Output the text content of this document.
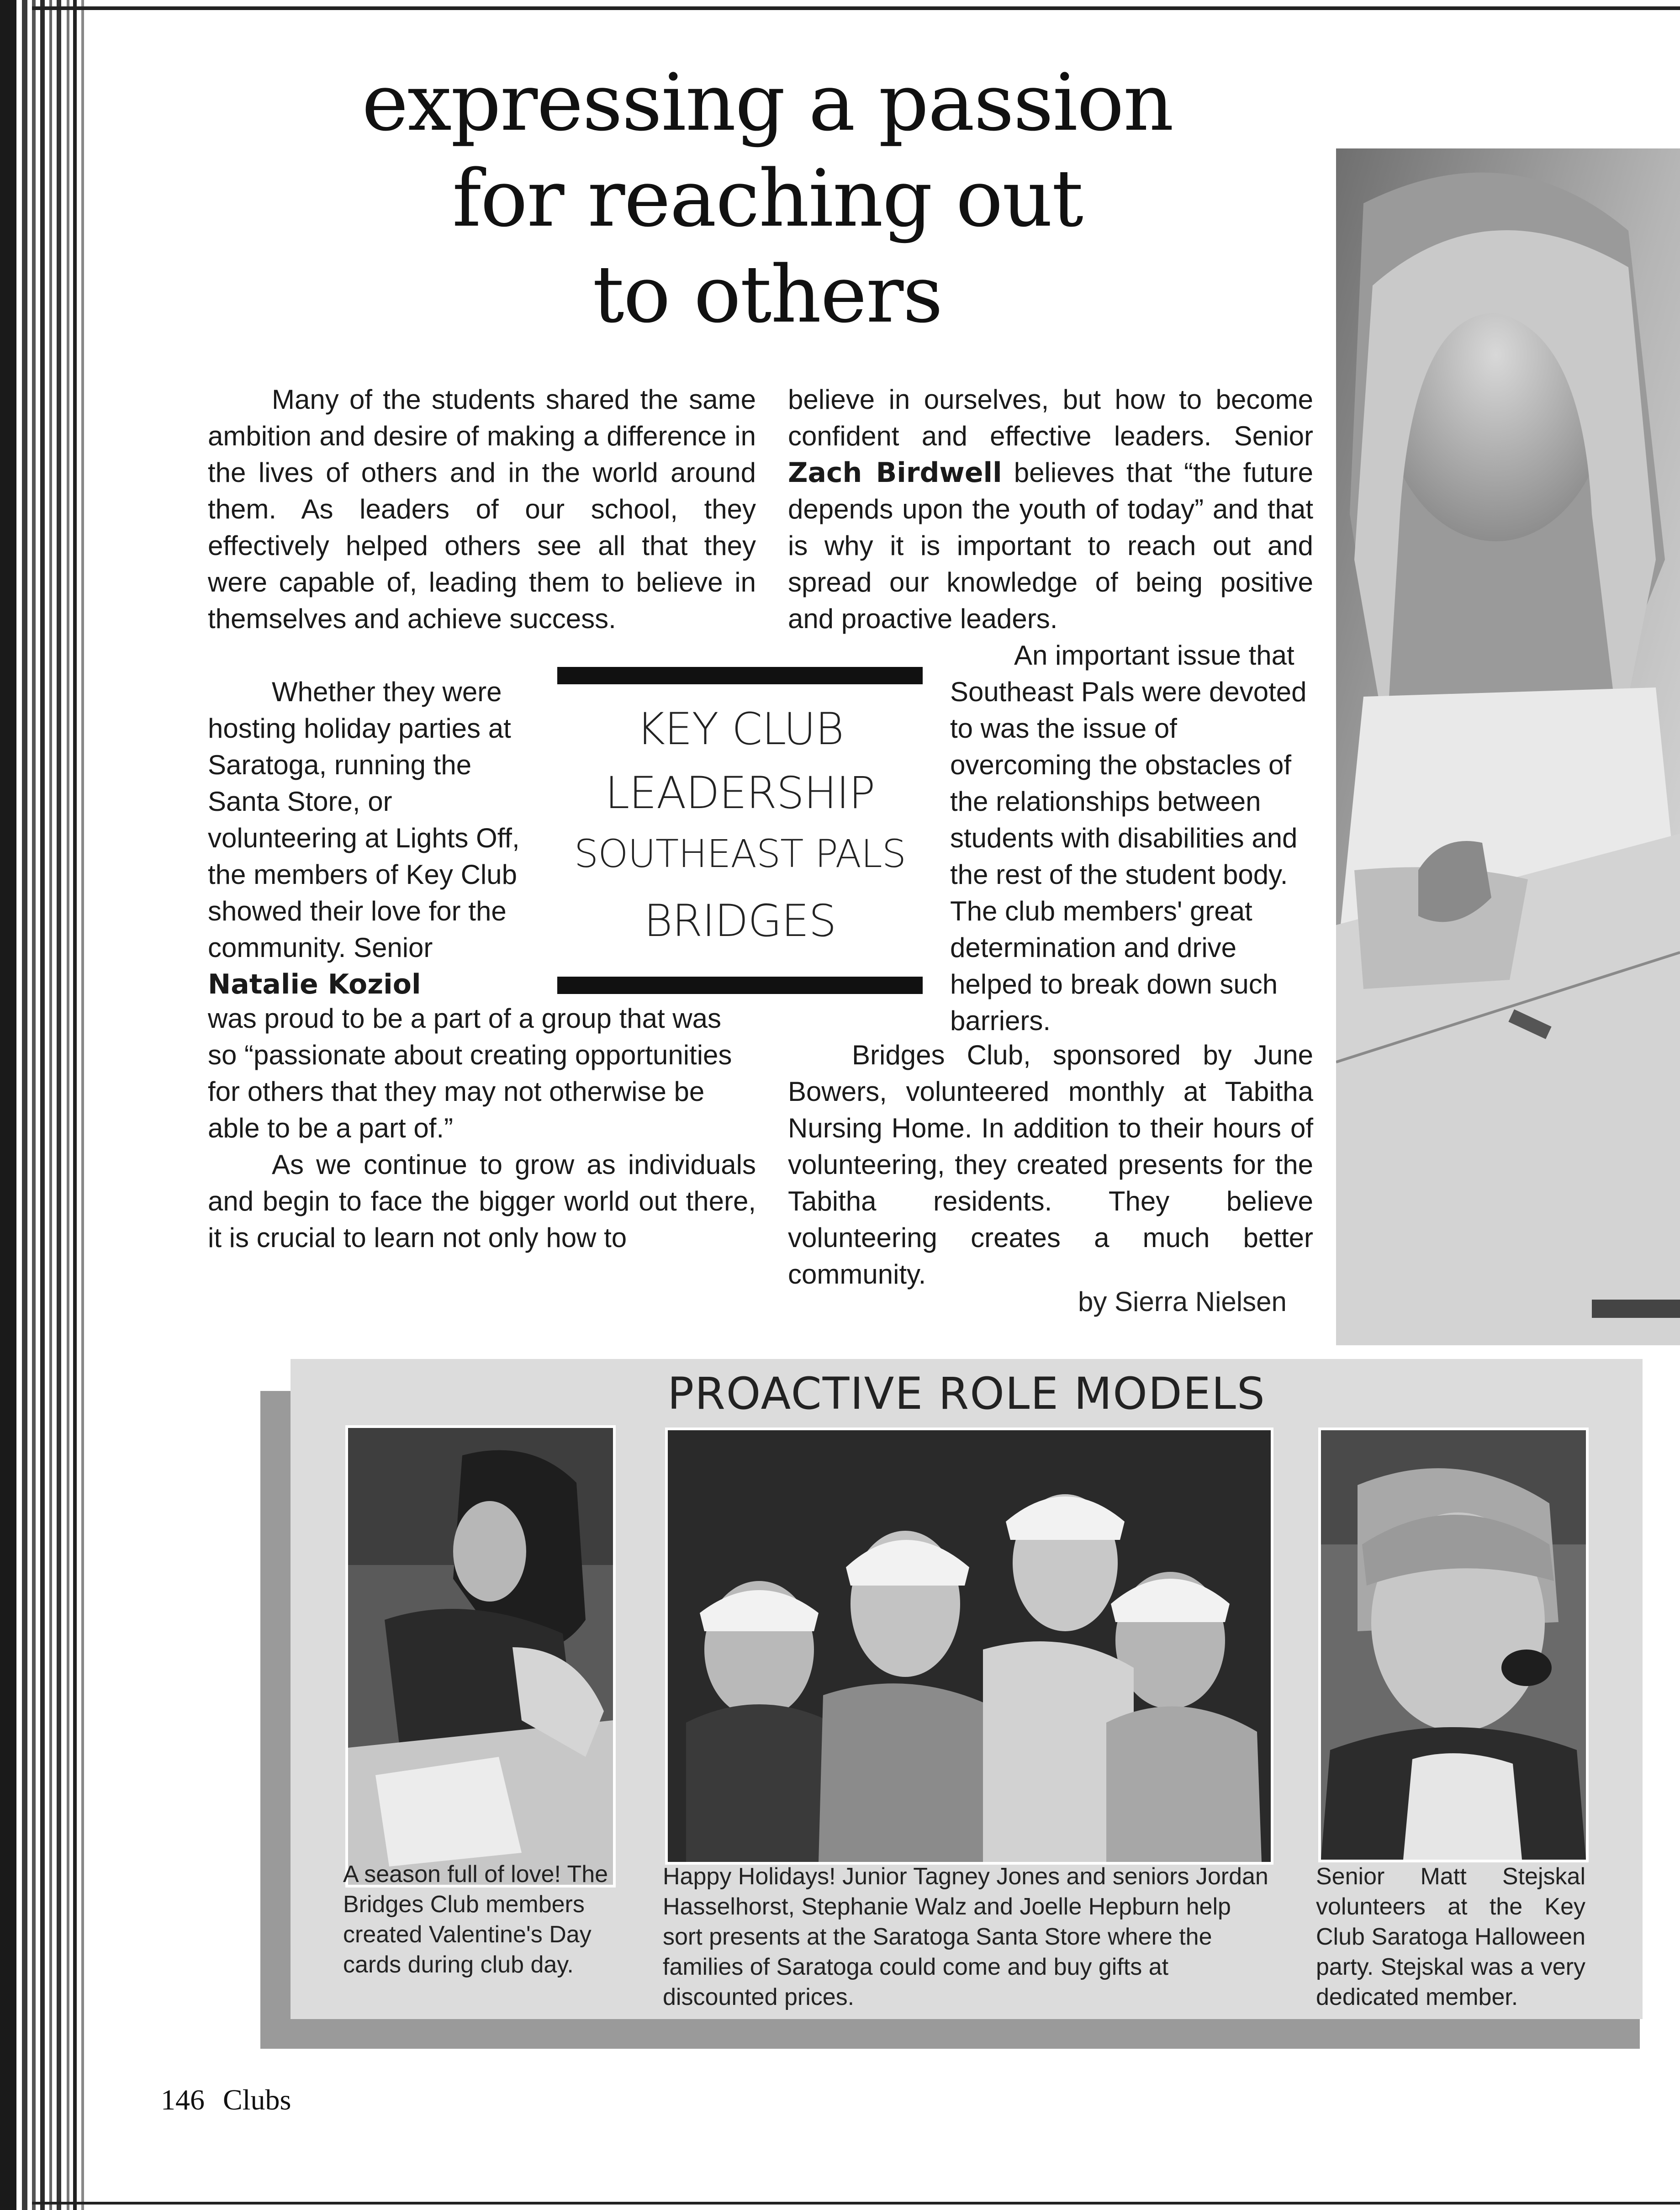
expressing a passion
for reaching out
to others

Many of the students shared the same ambition and desire of making a difference in the lives of others and in the world around them. As leaders of our school, they effectively helped others see all that they were capable of, leading them to believe in themselves and achieve success.

Whether they were hosting holiday parties at Saratoga, running the Santa Store, or volunteering at Lights Off, the members of Key Club showed their love for the community. Senior Natalie Koziol

was proud to be a part of a group that was so “passionate about creating opportunities for others that they may not otherwise be able to be a part of.”

As we continue to grow as individuals and begin to face the bigger world out there, it is crucial to learn not only how to

believe in ourselves, but how to become confident and effective leaders. Senior Zach Birdwell believes that “the future depends upon the youth of today” and that is why it is important to reach out and spread our knowledge of being positive and proactive leaders.

An important issue that Southeast Pals were devoted to was the issue of overcoming the obstacles of the relationships between students with disabilities and the rest of the student body. The club members' great determination and drive helped to break down such barriers.

Bridges Club, sponsored by June Bowers, volunteered monthly at Tabitha Nursing Home. In addition to their hours of volunteering, they created presents for the Tabitha residents. They believe volunteering creates a much better community.

KEY CLUB
LEADERSHIP
SOUTHEAST PALS
BRIDGES
by Sierra Nielsen
PROACTIVE ROLE MODELS
A season full of love! The Bridges Club members created Valentine's Day cards during club day.
Happy Holidays! Junior Tagney Jones and seniors Jordan Hasselhorst, Stephanie Walz and Joelle Hepburn help sort presents at the Saratoga Santa Store where the families of Saratoga could come and buy gifts at discounted prices.
Senior Matt Stejskal volunteers at the Key Club Saratoga Halloween party. Stejskal was a very dedicated member.
146 Clubs
